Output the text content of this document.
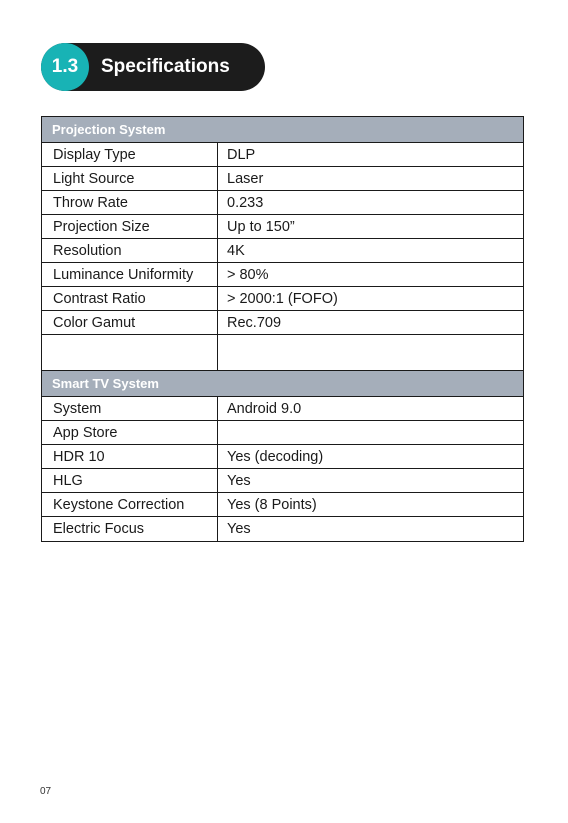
1.3	Specifications
Projection System
Display Type	DLP
Light Source	Laser
Throw Rate	0.233
Projection Size	Up to 150”
Resolution	4K
Luminance Uniformity	> 80%
Contrast Ratio	> 2000:1 (FOFO)
Color Gamut	Rec.709
Smart TV System
System	Android 9.0
App Store
HDR 10	Yes (decoding)
HLG	Yes
Keystone Correction	Yes (8 Points)
Electric Focus	Yes
07
